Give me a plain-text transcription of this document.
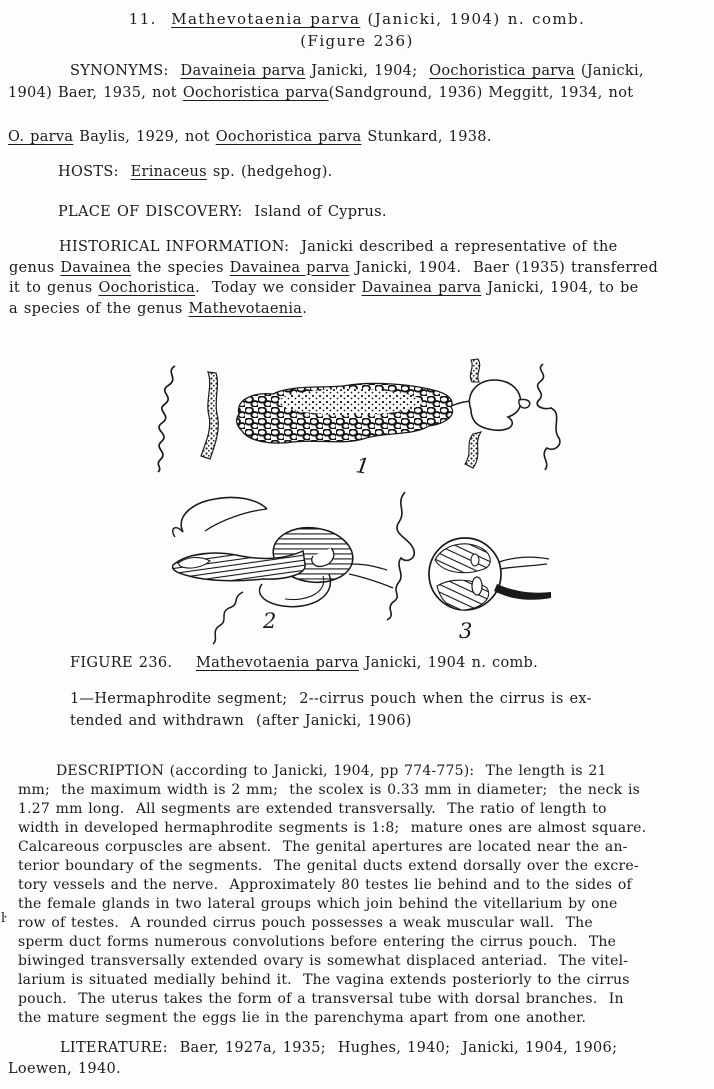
11.  Mathevotaenia parva (Janicki, 1904) n. comb.
(Figure 236)
SYNONYMS:  Davaineia parva Janicki, 1904;  Oochoristica parva (Janicki,
1904) Baer, 1935, not Oochoristica parva(Sandground, 1936) Meggitt, 1934, not
O. parva Baylis, 1929, not Oochoristica parva Stunkard, 1938.
HOSTS:  Erinaceus sp. (hedgehog).
PLACE OF DISCOVERY:  Island of Cyprus.
HISTORICAL INFORMATION:  Janicki described a representative of the
genus Davainea the species Davainea parva Janicki, 1904.  Baer (1935) transferred
it to genus Oochoristica.  Today we consider Davainea parva Janicki, 1904, to be
a species of the genus Mathevotaenia.
1
2	3
FIGURE 236.    Mathevotaenia parva Janicki, 1904 n. comb.
1—Hermaphrodite segment;  2--cirrus pouch when the cirrus is ex-
tended and withdrawn  (after Janicki, 1906)
DESCRIPTION (according to Janicki, 1904, pp 774-775):  The length is 21
mm;  the maximum width is 2 mm;  the scolex is 0.33 mm in diameter;  the neck is
1.27 mm long.  All segments are extended transversally.  The ratio of length to
width in developed hermaphrodite segments is 1:8;  mature ones are almost square.
Calcareous corpuscles are absent.  The genital apertures are located near the an-
terior boundary of the segments.  The genital ducts extend dorsally over the excre-
tory vessels and the nerve.  Approximately 80 testes lie behind and to the sides of
the female glands in two lateral groups which join behind the vitellarium by one
row of testes.  A rounded cirrus pouch possesses a weak muscular wall.  The
sperm duct forms numerous convolutions before entering the cirrus pouch.  The
biwinged transversally extended ovary is somewhat displaced anteriad.  The vitel-
larium is situated medially behind it.  The vagina extends posteriorly to the cirrus
pouch.  The uterus takes the form of a transversal tube with dorsal branches.  In
the mature segment the eggs lie in the parenchyma apart from one another.
LITERATURE:  Baer, 1927a, 1935;  Hughes, 1940;  Janicki, 1904, 1906;
Loewen, 1940.
ŀ
